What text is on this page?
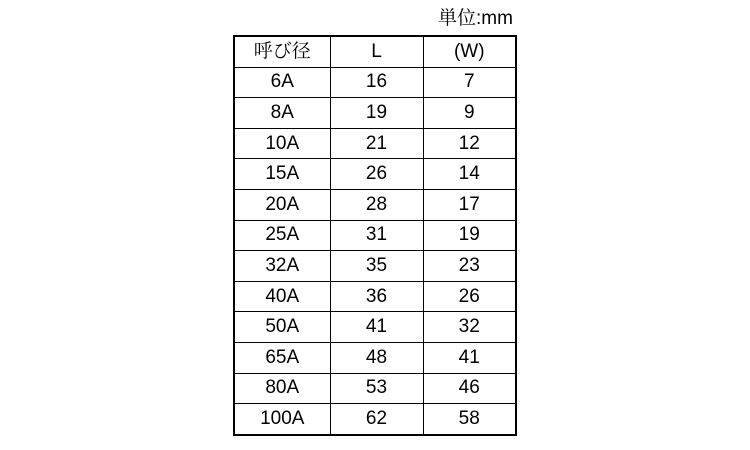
単位:mm
呼び径	L	(W)
6A	16	7
8A	19	9
10A	21	12
15A	26	14
20A	28	17
25A	31	19
32A	35	23
40A	36	26
50A	41	32
65A	48	41
80A	53	46
100A	62	58
